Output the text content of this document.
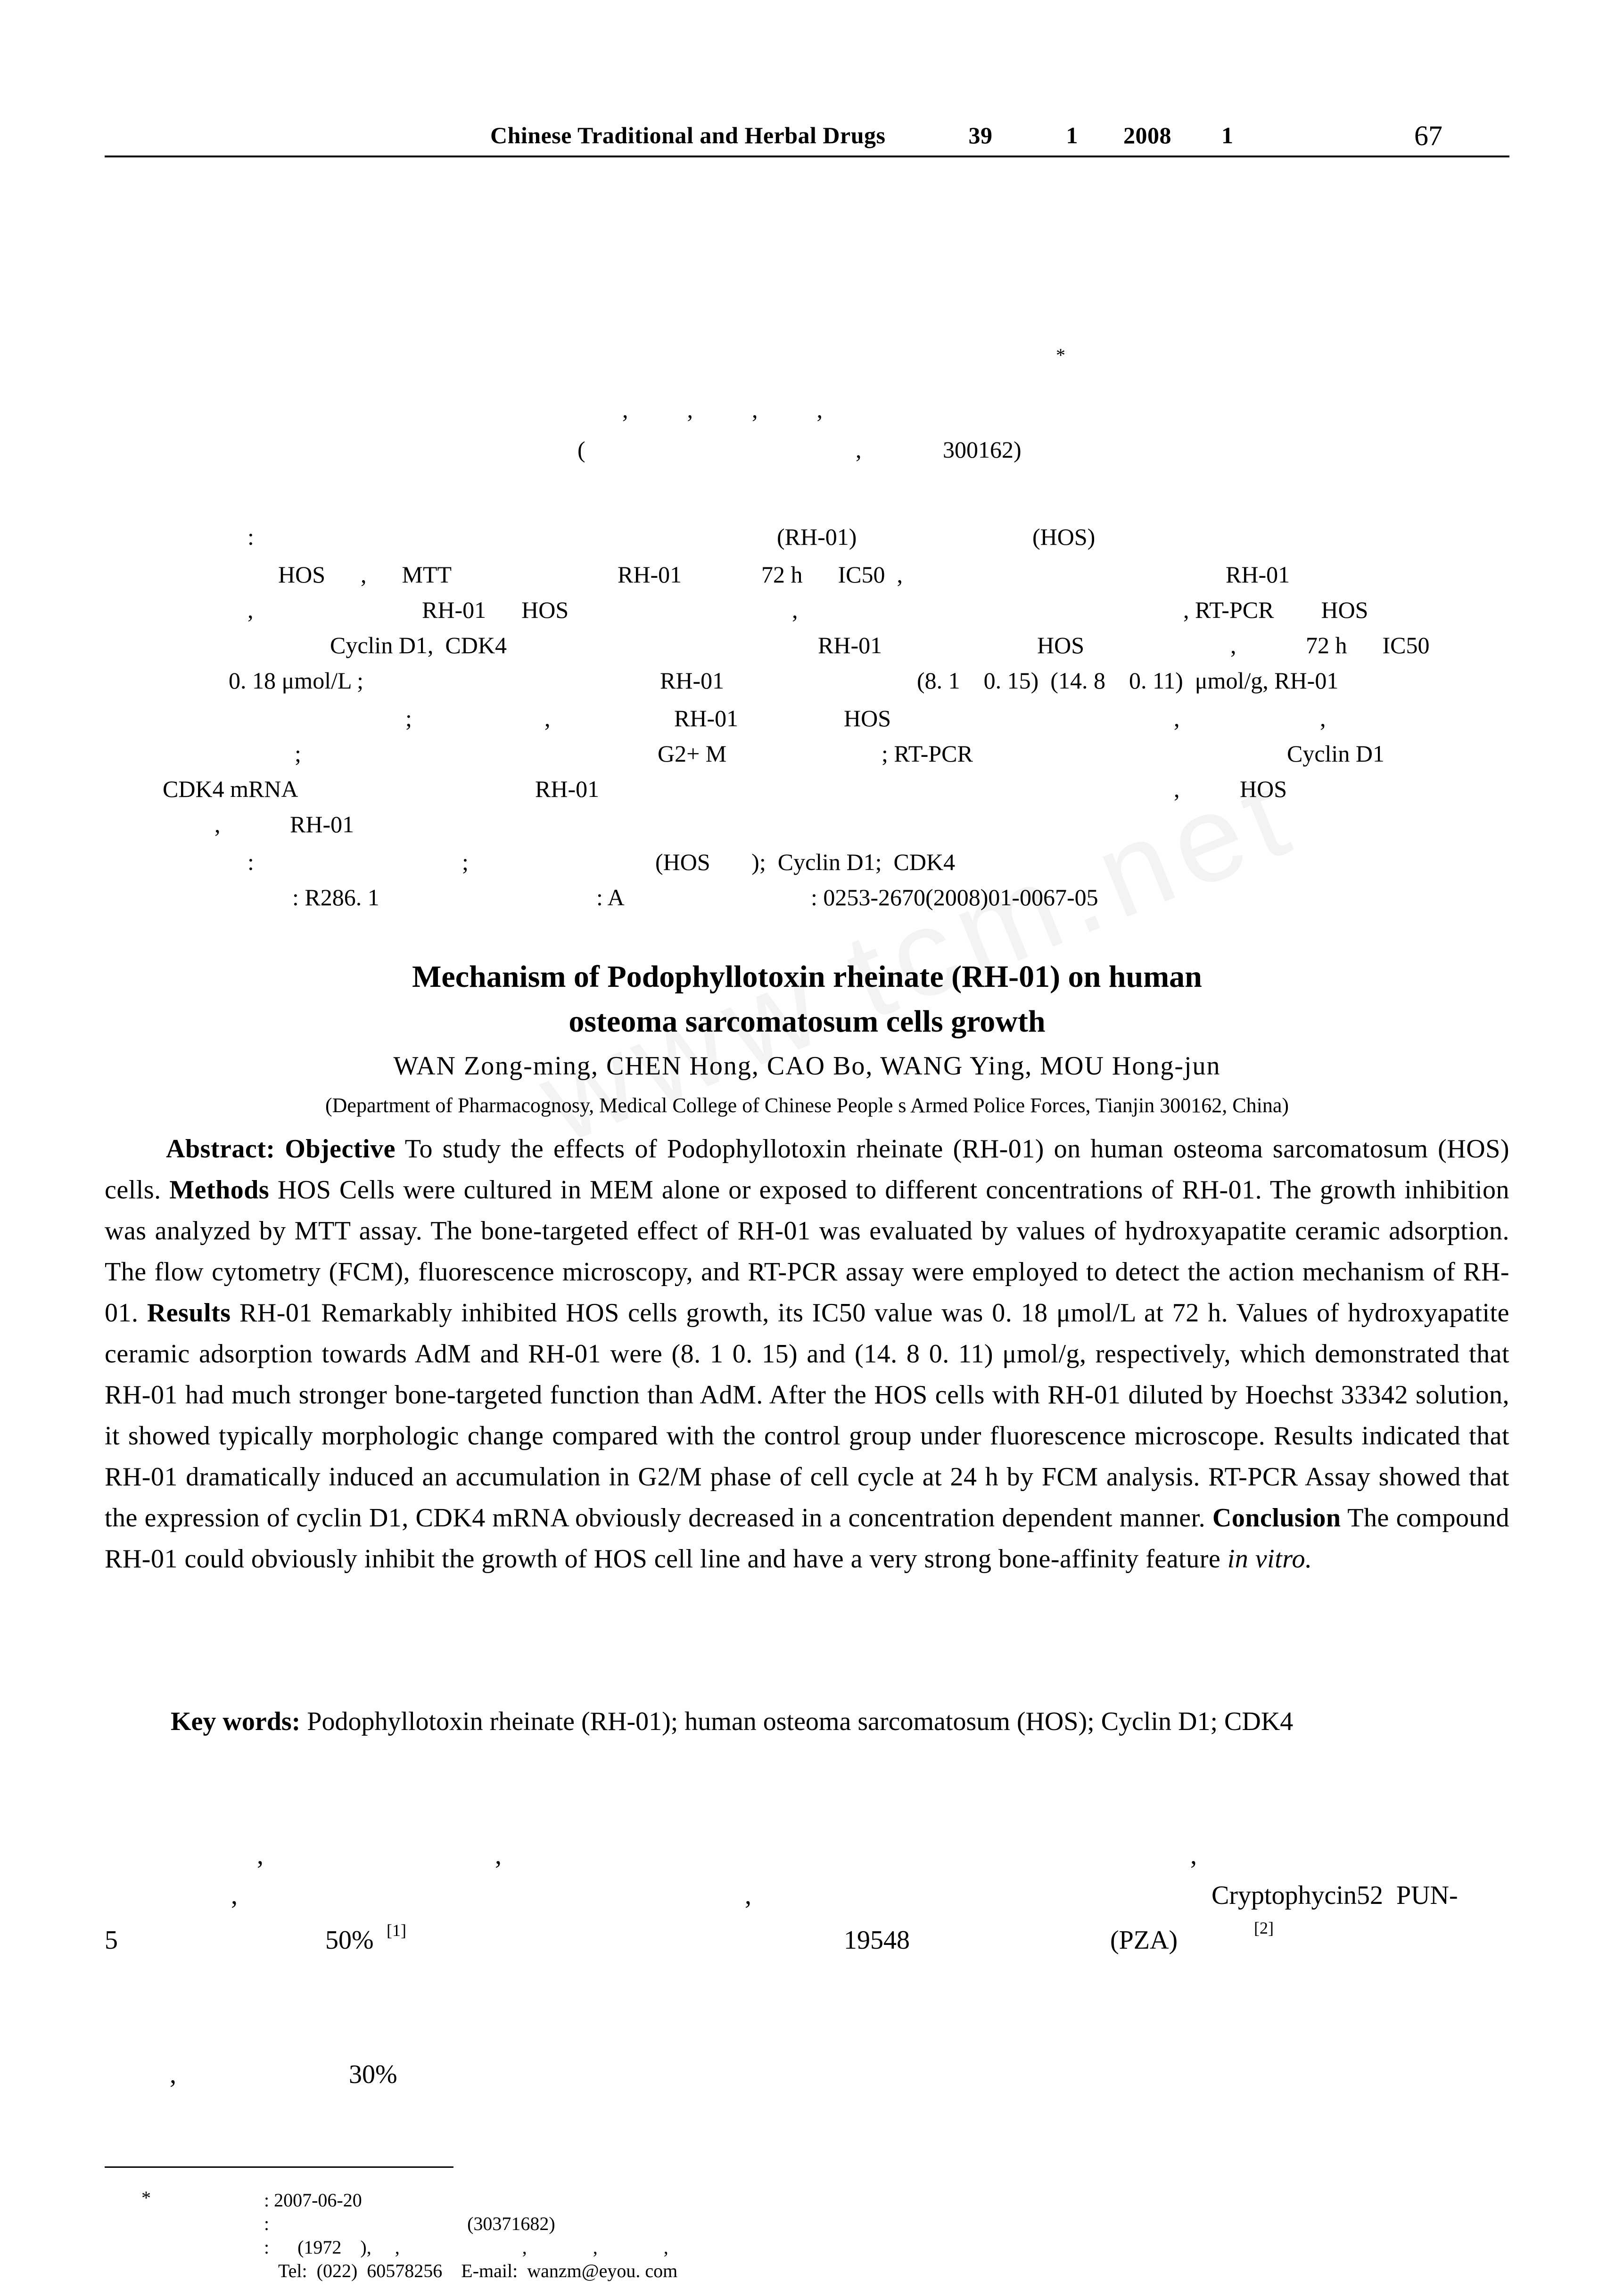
Chinese Traditional and Herbal Drugs	39	1 2008 1	67
,          ,          ,          ,
*
(	,	300162)
:	(RH-01)	(HOS)
HOS      ,      MTT	RH-01	72 h      IC50  ,	RH-01
,	RH-01      HOS	,	, RT-PCR        HOS
Cyclin D1,  CDK4	RH-01	HOS	,	72 h      IC50
0. 18 μmol/L ;	RH-01	(8. 1    0. 15)  (14. 8    0. 11)  μmol/g, RH-01
;	,	RH-01	HOS	,	,
;	G2+ M	; RT-PCR	Cyclin D1
CDK4 mRNA	RH-01	,	HOS
,	RH-01
:	;	(HOS       );  Cyclin D1;  CDK4
: R286. 1	: A	: 0253-2670(2008)01-0067-05
Mechanism of Podophyllotoxin rheinate (RH-01) on human
osteoma sarcomatosum cells growth
WAN Zong-ming, CHEN Hong, CAO Bo, WANG Ying, MOU Hong-jun
(Department of Pharmacognosy, Medical College of Chinese People s Armed Police Forces, Tianjin 300162, China)
Abstract: Objective To study the effects of Podophyllotoxin rheinate (RH-01) on human osteoma sarcomatosum (HOS) cells. Methods HOS Cells were cultured in MEM alone or exposed to different concentrations of RH-01. The growth inhibition was analyzed by MTT assay. The bone-targeted effect of RH-01 was evaluated by values of hydroxyapatite ceramic adsorption. The flow cytometry (FCM), fluorescence microscopy, and RT-PCR assay were employed to detect the action mechanism of RH-01. Results RH-01 Remarkably inhibited HOS cells growth, its IC50 value was 0. 18 μmol/L at 72 h. Values of hydroxyapatite ceramic adsorption towards AdM and RH-01 were (8. 1 0. 15) and (14. 8 0. 11) μmol/g, respectively, which demonstrated that RH-01 had much stronger bone-targeted function than AdM. After the HOS cells with RH-01 diluted by Hoechst 33342 solution, it showed typically morphologic change compared with the control group under fluorescence microscope. Results indicated that RH-01 dramatically induced an accumulation in G2/M phase of cell cycle at 24 h by FCM analysis. RT-PCR Assay showed that the expression of cyclin D1, CDK4 mRNA obviously decreased in a concentration dependent manner. Conclusion The compound RH-01 could obviously inhibit the growth of HOS cell line and have a very strong bone-affinity feature in vitro.
Key words: Podophyllotoxin rheinate (RH-01); human osteoma sarcomatosum (HOS); Cyclin D1; CDK4
,	,	,
,	,	Cryptophycin52  PUN-
5	50% [1]	19548	(PZA)	[2]
,	30%
*	: 2007-06-20
:                                          (30371682)
:      (1972    ),     ,                          ,              ,              ,
Tel:  (022)  60578256    E-mail:  wanzm@eyou. com
